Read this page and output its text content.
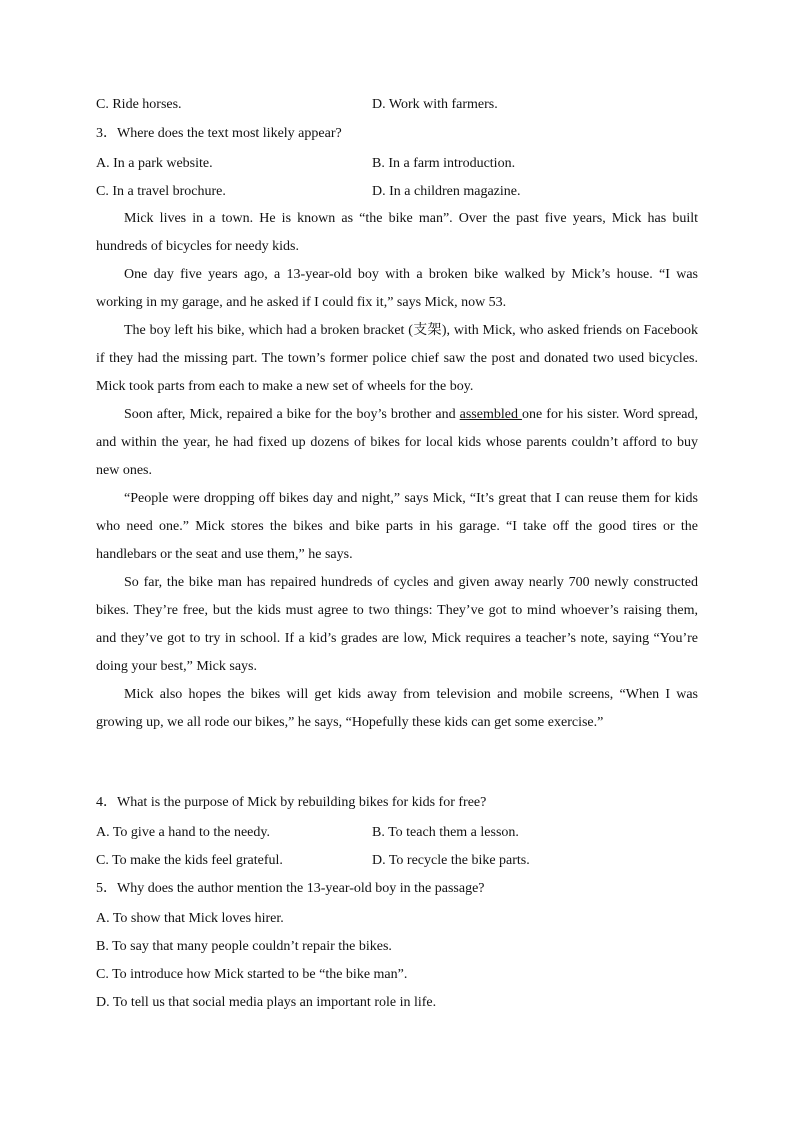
C. Ride horses.	D. Work with farmers.
3．Where does the text most likely appear?
A. In a park website.	B. In a farm introduction.
C. In a travel brochure.	D. In a children magazine.

Mick lives in a town. He is known as “the bike man”. Over the past five years, Mick has built hundreds of bicycles for needy kids.

One day five years ago, a 13-year-old boy with a broken bike walked by Mick’s house. “I was working in my garage, and he asked if I could fix it,” says Mick, now 53.

The boy left his bike, which had a broken bracket (支架), with Mick, who asked friends on Facebook if they had the missing part. The town’s former police chief saw the post and donated two used bicycles. Mick took parts from each to make a new set of wheels for the boy.

Soon after, Mick, repaired a bike for the boy’s brother and assembled one for his sister. Word spread, and within the year, he had fixed up dozens of bikes for local kids whose parents couldn’t afford to buy new ones.

“People were dropping off bikes day and night,” says Mick, “It’s great that I can reuse them for kids who need one.” Mick stores the bikes and bike parts in his garage. “I take off the good tires or the handlebars or the seat and use them,” he says.

So far, the bike man has repaired hundreds of cycles and given away nearly 700 newly constructed bikes. They’re free, but the kids must agree to two things: They’ve got to mind whoever’s raising them, and they’ve got to try in school. If a kid’s grades are low, Mick requires a teacher’s note, saying “You’re doing your best,” Mick says.

Mick also hopes the bikes will get kids away from television and mobile screens, “When I was growing up, we all rode our bikes,” he says, “Hopefully these kids can get some exercise.”

4．What is the purpose of Mick by rebuilding bikes for kids for free?
A. To give a hand to the needy.	B. To teach them a lesson.
C. To make the kids feel grateful.	D. To recycle the bike parts.
5．Why does the author mention the 13-year-old boy in the passage?
A. To show that Mick loves hirer.
B. To say that many people couldn’t repair the bikes.
C. To introduce how Mick started to be “the bike man”.
D. To tell us that social media plays an important role in life.
